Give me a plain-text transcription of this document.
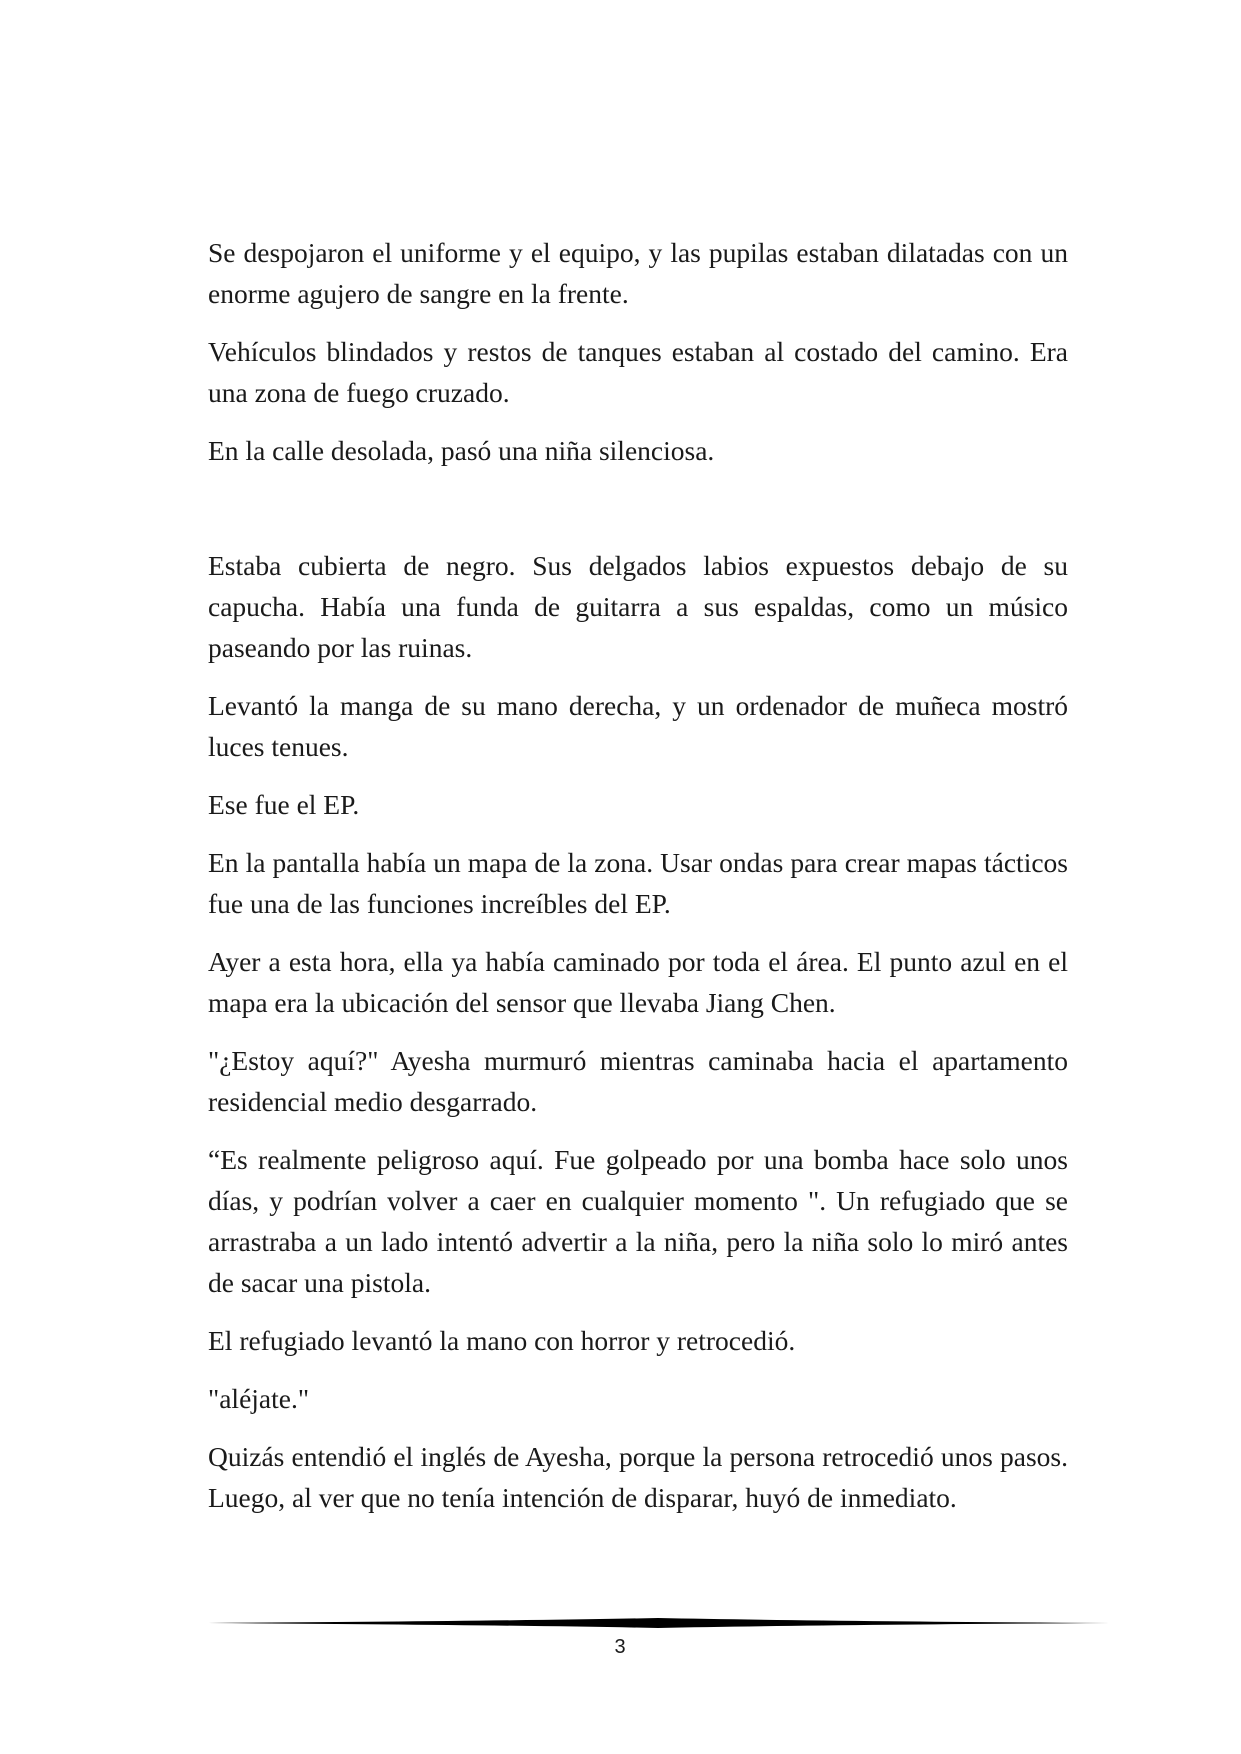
Se despojaron el uniforme y el equipo, y las pupilas estaban dilatadas con un enorme agujero de sangre en la frente.

Vehículos blindados y restos de tanques estaban al costado del camino. Era una zona de fuego cruzado.

En la calle desolada, pasó una niña silenciosa.

Estaba cubierta de negro. Sus delgados labios expuestos debajo de su capucha. Había una funda de guitarra a sus espaldas, como un músico paseando por las ruinas.

Levantó la manga de su mano derecha, y un ordenador de muñeca mostró luces tenues.

Ese fue el EP.

En la pantalla había un mapa de la zona. Usar ondas para crear mapas tácticos fue una de las funciones increíbles del EP.

Ayer a esta hora, ella ya había caminado por toda el área. El punto azul en el mapa era la ubicación del sensor que llevaba Jiang Chen.

"¿Estoy aquí?" Ayesha murmuró mientras caminaba hacia el apartamento residencial medio desgarrado.

“Es realmente peligroso aquí. Fue golpeado por una bomba hace solo unos días, y podrían volver a caer en cualquier momento ". Un refugiado que se arrastraba a un lado intentó advertir a la niña, pero la niña solo lo miró antes de sacar una pistola.

El refugiado levantó la mano con horror y retrocedió.

"aléjate."

Quizás entendió el inglés de Ayesha, porque la persona retrocedió unos pasos. Luego, al ver que no tenía intención de disparar, huyó de inmediato.

3
